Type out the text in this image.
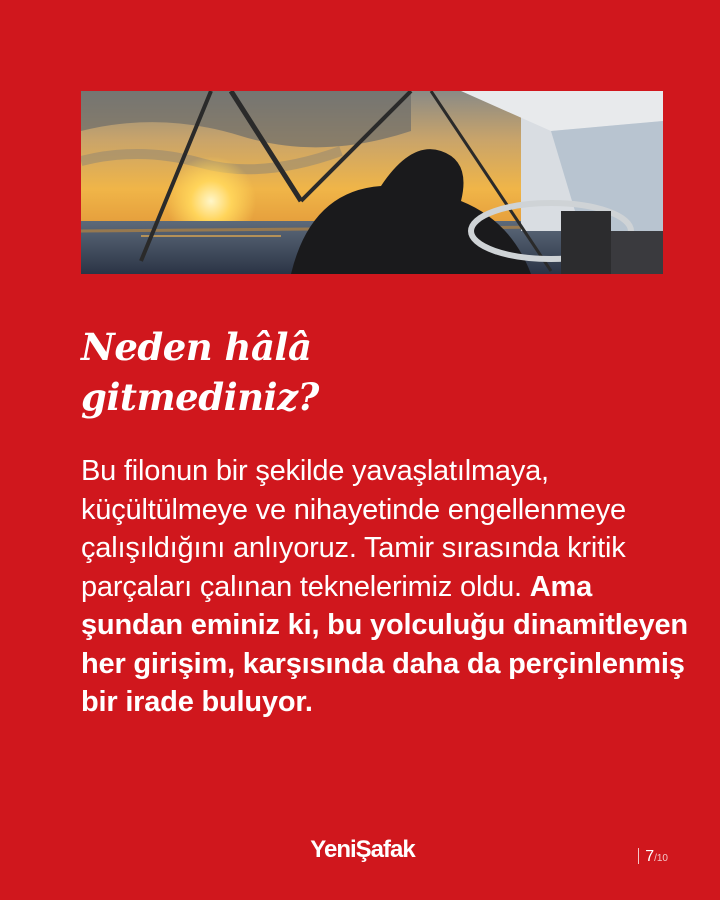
Neden hâlâ
gitmediniz?

Bu filonun bir şekilde yavaşlatılmaya, küçültülmeye ve nihayetinde engellenmeye çalışıldığını anlıyoruz. Tamir sırasında kritik parçaları çalınan teknelerimiz oldu. Ama şundan eminiz ki, bu yolculuğu dinamitleyen her girişim, karşısında daha da perçinlenmiş bir irade buluyor.

YeniŞafak	7/10
